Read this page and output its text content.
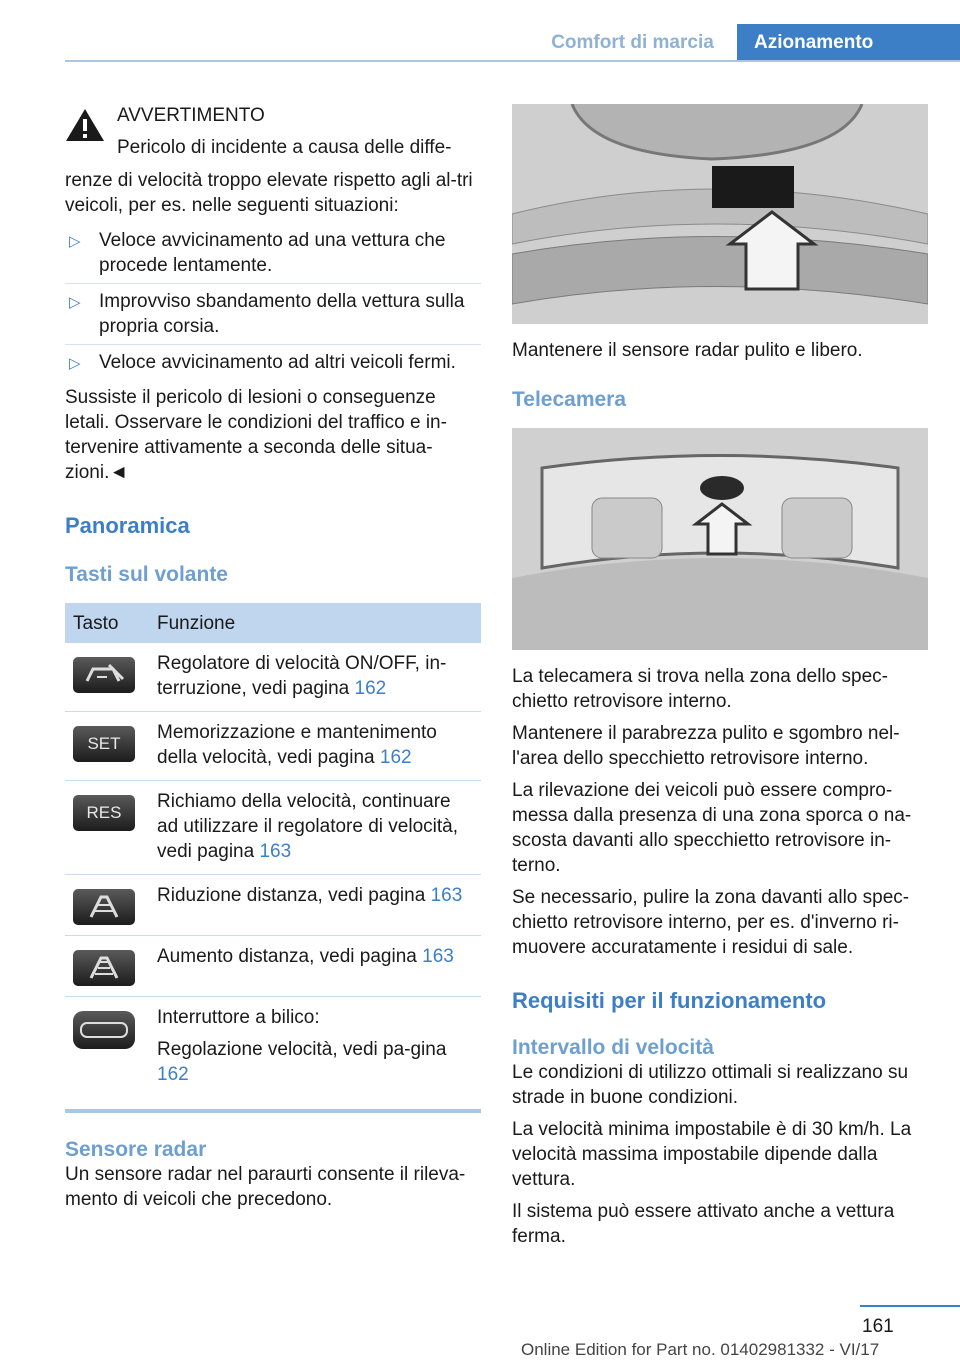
Comfort di marcia	Azionamento

AVVERTIMENTO

Pericolo di incidente a causa delle diffe-

renze di velocità troppo elevate rispetto agli al-tri veicoli, per es. nelle seguenti situazioni:

▷ Veloce avvicinamento ad una vettura che procede lentamente.
▷ Improvviso sbandamento della vettura sulla propria corsia.
▷ Veloce avvicinamento ad altri veicoli fermi.

Sussiste il pericolo di lesioni o conseguenze letali. Osservare le condizioni del traffico e in-tervenire attivamente a seconda delle situa-zioni.◄

Panoramica
Tasti sul volante
Tasto	Funzione

	Regolatore di velocità ON/OFF, in-terruzione, vedi pagina 162

SET	Memorizzazione e mantenimento della velocità, vedi pagina 162

RES	Richiamo della velocità, continuare ad utilizzare il regolatore di velocità, vedi pagina 163

	Riduzione distanza, vedi pagina 163

	Aumento distanza, vedi pagina 163

Interruttore a bilico:

Regolazione velocità, vedi pa-gina 162

Sensore radar

Un sensore radar nel paraurti consente il rileva-mento di veicoli che precedono.

Mantenere il sensore radar pulito e libero.

Telecamera

La telecamera si trova nella zona dello spec-chietto retrovisore interno.

Mantenere il parabrezza pulito e sgombro nel-l'area dello specchietto retrovisore interno.

La rilevazione dei veicoli può essere compro-messa dalla presenza di una zona sporca o na-scosta davanti allo specchietto retrovisore in-terno.

Se necessario, pulire la zona davanti allo spec-chietto retrovisore interno, per es. d'inverno ri-muovere accuratamente i residui di sale.

Requisiti per il funzionamento
Intervallo di velocità

Le condizioni di utilizzo ottimali si realizzano su strade in buone condizioni.

La velocità minima impostabile è di 30 km/h. La velocità massima impostabile dipende dalla vettura.

Il sistema può essere attivato anche a vettura ferma.

161
Online Edition for Part no. 01402981332 - VI/17
